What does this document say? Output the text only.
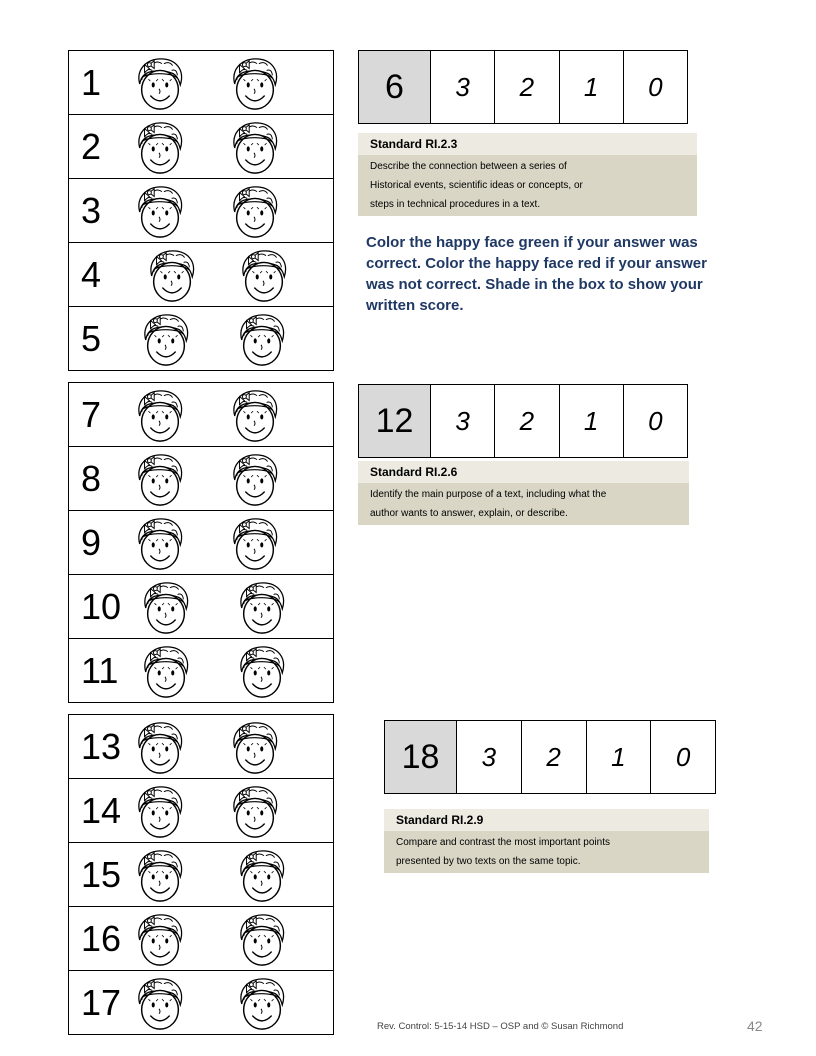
1
2
3
4
5
6	3	2	1	0
Standard RI.2.3
Describe the connection between a series of
Historical events, scientific ideas or concepts, or
steps in technical procedures in a text.
Color the happy face green if your answer was correct. Color the happy face red if your answer was not correct. Shade in the box to show your written score.
7
8
9
10
11
12	3	2	1	0
Standard RI.2.6
Identify the main purpose of a text, including what the
author wants to answer, explain, or describe.
13
14
15
16
17
18	3	2	1	0
Standard RI.2.9
Compare and contrast the most important points
presented by two texts on the same topic.
Rev. Control: 5-15-14 HSD – OSP and © Susan Richmond	42
